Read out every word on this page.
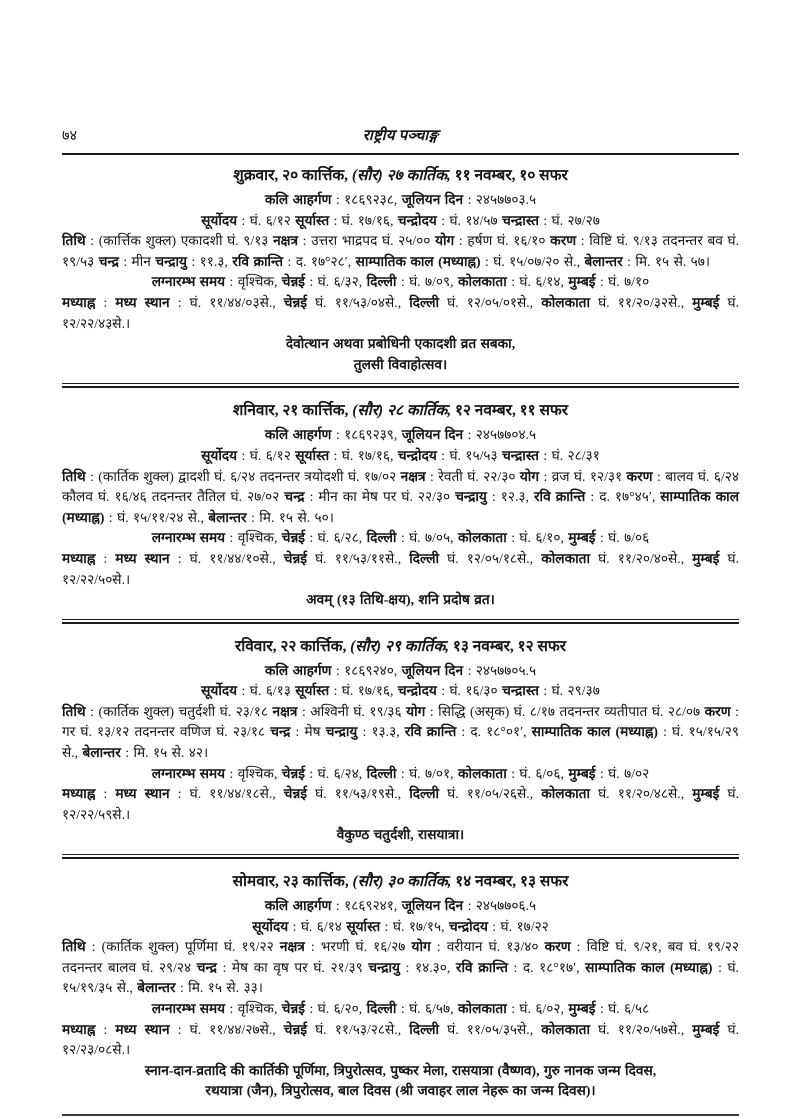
७४	राष्ट्रीय पञ्चाङ्ग
शुक्रवार, २० कार्त्तिक, (सौर) २७ कार्तिक, ११ नवम्बर, १० सफर
कलि आहर्गण : १८६९२३८, जूलियन दिन : २४५७७०३.५
सूर्योदय : घं. ६/१२ सूर्यास्त : घं. १७/१६, चन्द्रोदय : घं. १४/५७ चन्द्रास्त : घं. २७/२७
तिथि : (कार्त्तिक शुक्ल) एकादशी घं. ९/१३ नक्षत्र : उत्तरा भाद्रपद घं. २५/०० योग : हर्षण घं. १६/१० करण : विष्टि घं. ९/१३ तदनन्तर बव घं. १९/५३ चन्द्र : मीन चन्द्रायु : ११.३, रवि क्रान्ति : द. १७°२८′, साम्पातिक काल (मध्याह्न) : घं. १५/०७/२० से., बेलान्तर : मि. १५ से. ५७।
लग्नारम्भ समय : वृश्चिक, चेन्नई : घं. ६/३२, दिल्ली : घं. ७/०९, कोलकाता : घं. ६/१४, मुम्बई : घं. ७/१०
मध्याह्न : मध्य स्थान : घं. ११/४४/०३से., चेन्नई घं. ११/५३/०४से., दिल्ली घं. १२/०५/०१से., कोलकाता घं. ११/२०/३२से., मुम्बई घं. १२/२२/४३से.।
देवोत्थान अथवा प्रबोधिनी एकादशी व्रत सबका,
तुलसी विवाहोत्सव।
शनिवार, २१ कार्त्तिक, (सौर) २८ कार्तिक, १२ नवम्बर, ११ सफर
कलि आहर्गण : १८६९२३९, जूलियन दिन : २४५७७०४.५
सूर्योदय : घं. ६/१२ सूर्यास्त : घं. १७/१६, चन्द्रोदय : घं. १५/५३ चन्द्रास्त : घं. २८/३१
तिथि : (कार्तिक शुक्ल) द्वादशी घं. ६/२४ तदनन्तर त्रयोदशी घं. १७/०२ नक्षत्र : रेवती घं. २२/३० योग : व्रज घं. १२/३१ करण : बालव घं. ६/२४ कौलव घं. १६/४६ तदनन्तर तैतिल घं. २७/०२ चन्द्र : मीन का मेष पर घं. २२/३० चन्द्रायु : १२.३, रवि क्रान्ति : द. १७°४५′, साम्पातिक काल (मध्याह्न) : घं. १५/११/२४ से., बेलान्तर : मि. १५ से. ५०।
लग्नारम्भ समय : वृश्चिक, चेन्नई : घं. ६/२८, दिल्ली : घं. ७/०५, कोलकाता : घं. ६/१०, मुम्बई : घं. ७/०६
मध्याह्न : मध्य स्थान : घं. ११/४४/१०से., चेन्नई घं. ११/५३/११से., दिल्ली घं. १२/०५/१८से., कोलकाता घं. ११/२०/४०से., मुम्बई घं. १२/२२/५०से.।
अवम् (१३ तिथि-क्षय), शनि प्रदोष व्रत।
रविवार, २२ कार्त्तिक, (सौर) २९ कार्तिक, १३ नवम्बर, १२ सफर
कलि आहर्गण : १८६९२४०, जूलियन दिन : २४५७७०५.५
सूर्योदय : घं. ६/१३ सूर्यास्त : घं. १७/१६, चन्द्रोदय : घं. १६/३० चन्द्रास्त : घं. २९/३७
तिथि : (कार्तिक शुक्ल) चतुर्दशी घं. २३/१८ नक्षत्र : अश्विनी घं. १९/३६ योग : सिद्धि (असृक) घं. ८/१७ तदनन्तर व्यतीपात घं. २८/०७ करण : गर घं. १३/१२ तदनन्तर वणिज घं. २३/१८ चन्द्र : मेष चन्द्रायु : १३.३, रवि क्रान्ति : द. १८°०१′, साम्पातिक काल (मध्याह्न) : घं. १५/१५/२९ से., बेलान्तर : मि. १५ से. ४२।
लग्नारम्भ समय : वृश्चिक, चेन्नई : घं. ६/२४, दिल्ली : घं. ७/०१, कोलकाता : घं. ६/०६, मुम्बई : घं. ७/०२
मध्याह्न : मध्य स्थान : घं. ११/४४/१८से., चेन्नई घं. ११/५३/१९से., दिल्ली घं. ११/०५/२६से., कोलकाता घं. ११/२०/४८से., मुम्बई घं. १२/२२/५९से.।
वैकुण्ठ चतुर्दशी, रासयात्रा।
सोमवार, २३ कार्त्तिक, (सौर) ३० कार्तिक, १४ नवम्बर, १३ सफर
कलि आहर्गण : १८६९२४१, जूलियन दिन : २४५७७०६.५
सूर्योदय : घं. ६/१४ सूर्यास्त : घं. १७/१५, चन्द्रोदय : घं. १७/२२
तिथि : (कार्तिक शुक्ल) पूर्णिमा घं. १९/२२ नक्षत्र : भरणी घं. १६/२७ योग : वरीयान घं. १३/४० करण : विष्टि घं. ९/२१, बव घं. १९/२२ तदनन्तर बालव घं. २९/२४ चन्द्र : मेष का वृष पर घं. २१/३९ चन्द्रायु : १४.३०, रवि क्रान्ति : द. १८°१७′, साम्पातिक काल (मध्याह्न) : घं. १५/१९/३५ से., बेलान्तर : मि. १५ से. ३३।
लग्नारम्भ समय : वृश्चिक, चेन्नई : घं. ६/२०, दिल्ली : घं. ६/५७, कोलकाता : घं. ६/०२, मुम्बई : घं. ६/५८
मध्याह्न : मध्य स्थान : घं. ११/४४/२७से., चेन्नई घं. ११/५३/२८से., दिल्ली घं. ११/०५/३५से., कोलकाता घं. ११/२०/५७से., मुम्बई घं. १२/२३/०८से.।
स्नान-दान-व्रतादि की कार्तिकी पूर्णिमा, त्रिपुरोत्सव, पुष्कर मेला, रासयात्रा (वैष्णव), गुरु नानक जन्म दिवस,
रथयात्रा (जैन), त्रिपुरोत्सव, बाल दिवस (श्री जवाहर लाल नेहरू का जन्म दिवस)।
